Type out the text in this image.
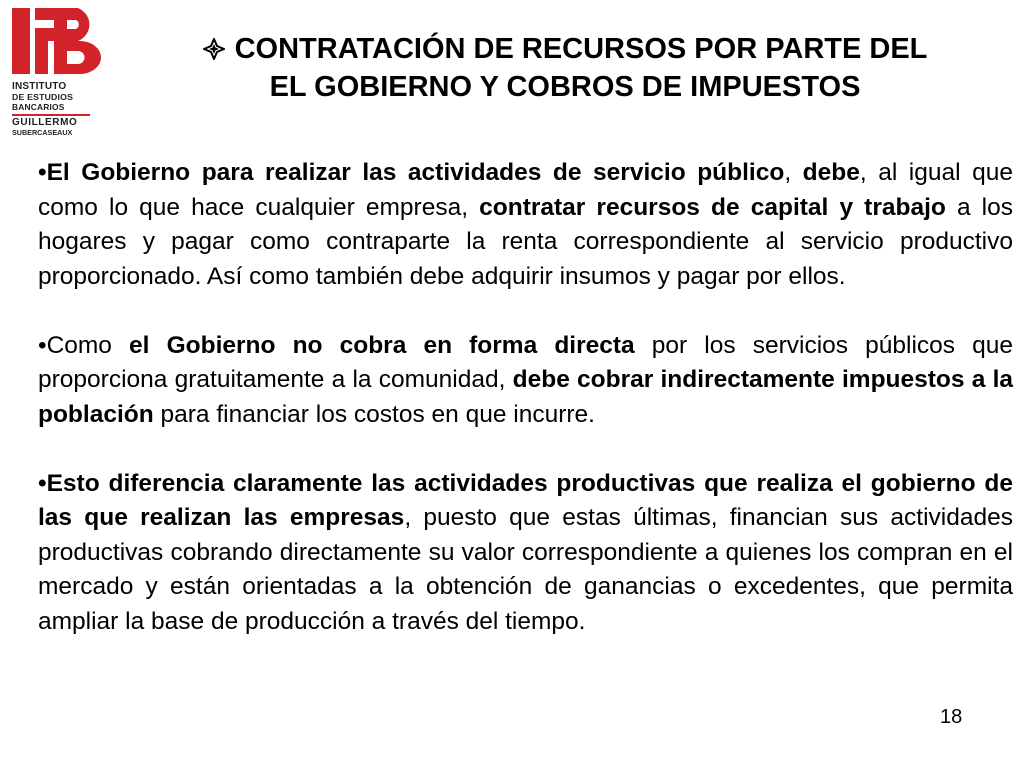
INSTITUTO
DE ESTUDIOS
BANCARIOS
GUILLERMO
SUBERCASEAUX
CONTRATACIÓN DE RECURSOS POR PARTE DEL
EL GOBIERNO Y COBROS DE IMPUESTOS

•El Gobierno para realizar las actividades de servicio público, debe, al igual que como lo que hace cualquier empresa, contratar recursos de capital y trabajo a los hogares y pagar como contraparte la renta correspondiente al servicio productivo proporcionado. Así como también debe adquirir insumos y pagar por ellos.

•Como el Gobierno no cobra en forma directa por los servicios públicos que proporciona gratuitamente a la comunidad, debe cobrar indirectamente impuestos a la población para financiar los costos en que incurre.

•Esto diferencia claramente las actividades productivas que realiza el gobierno de las que realizan las empresas, puesto que estas últimas, financian sus actividades productivas cobrando directamente su valor correspondiente a quienes los compran en el mercado y están orientadas a la obtención de ganancias o excedentes, que permita ampliar la base de producción a través del tiempo.

18
